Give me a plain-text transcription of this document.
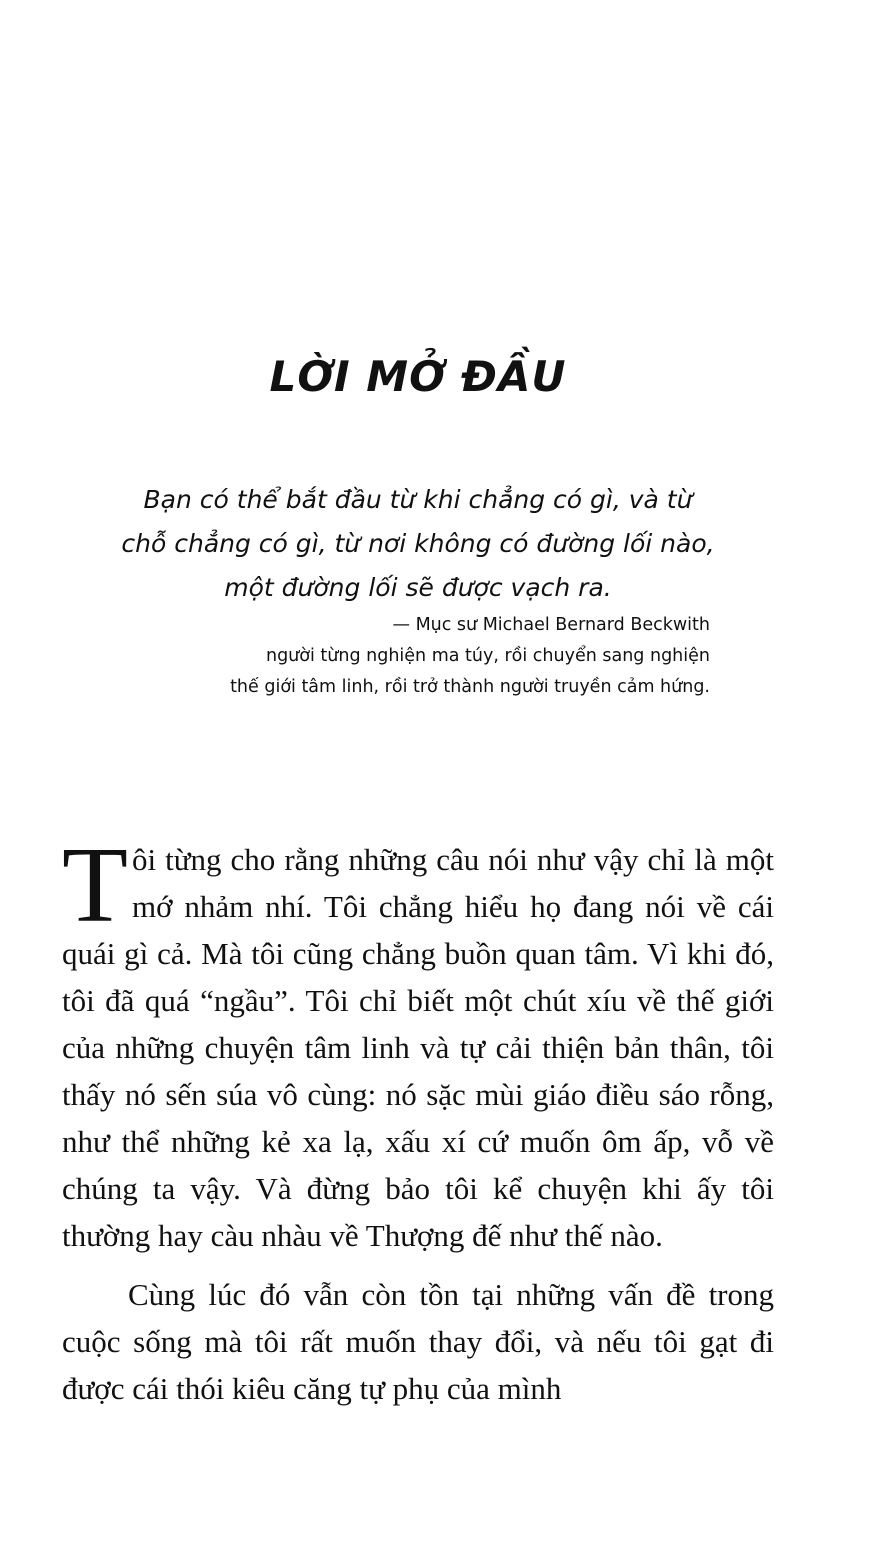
LỜI MỞ ĐẦU

Bạn có thể bắt đầu từ khi chẳng có gì, và từ chỗ chẳng có gì, từ nơi không có đường lối nào, một đường lối sẽ được vạch ra.

— Mục sư Michael Bernard Beckwith
người từng nghiện ma túy, rồi chuyển sang nghiện
thế giới tâm linh, rồi trở thành người truyền cảm hứng.

Tôi từng cho rằng những câu nói như vậy chỉ là một mớ nhảm nhí. Tôi chẳng hiểu họ đang nói về cái quái gì cả. Mà tôi cũng chẳng buồn quan tâm. Vì khi đó, tôi đã quá “ngầu”. Tôi chỉ biết một chút xíu về thế giới của những chuyện tâm linh và tự cải thiện bản thân, tôi thấy nó sến súa vô cùng: nó sặc mùi giáo điều sáo rỗng, như thể những kẻ xa lạ, xấu xí cứ muốn ôm ấp, vỗ về chúng ta vậy. Và đừng bảo tôi kể chuyện khi ấy tôi thường hay càu nhàu về Thượng đế như thế nào.

Cùng lúc đó vẫn còn tồn tại những vấn đề trong cuộc sống mà tôi rất muốn thay đổi, và nếu tôi gạt đi được cái thói kiêu căng tự phụ của mình
